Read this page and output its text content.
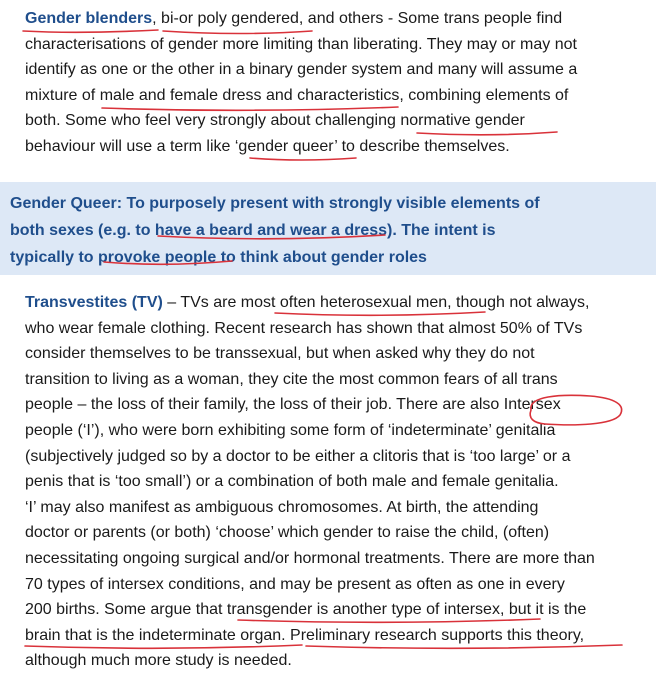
Gender blenders, bi-or poly gendered, and others - Some trans people find
characterisations of gender more limiting than liberating. They may or may not
identify as one or the other in a binary gender system and many will assume a
mixture of male and female dress and characteristics, combining elements of
both. Some who feel very strongly about challenging normative gender
behaviour will use a term like ‘gender queer’ to describe themselves.
Gender Queer: To purposely present with strongly visible elements of
both sexes (e.g. to have a beard and wear a dress). The intent is
typically to provoke people to think about gender roles
Transvestites (TV) – TVs are most often heterosexual men, though not always,
who wear female clothing. Recent research has shown that almost 50% of TVs
consider themselves to be transsexual, but when asked why they do not
transition to living as a woman, they cite the most common fears of all trans
people – the loss of their family, the loss of their job. There are also Intersex
people (‘I’), who were born exhibiting some form of ‘indeterminate’ genitalia
(subjectively judged so by a doctor to be either a clitoris that is ‘too large’ or a
penis that is ‘too small’) or a combination of both male and female genitalia.
‘I’ may also manifest as ambiguous chromosomes. At birth, the attending
doctor or parents (or both) ‘choose’ which gender to raise the child, (often)
necessitating ongoing surgical and/or hormonal treatments. There are more than
70 types of intersex conditions, and may be present as often as one in every
200 births. Some argue that transgender is another type of intersex, but it is the
brain that is the indeterminate organ. Preliminary research supports this theory,
although much more study is needed.
